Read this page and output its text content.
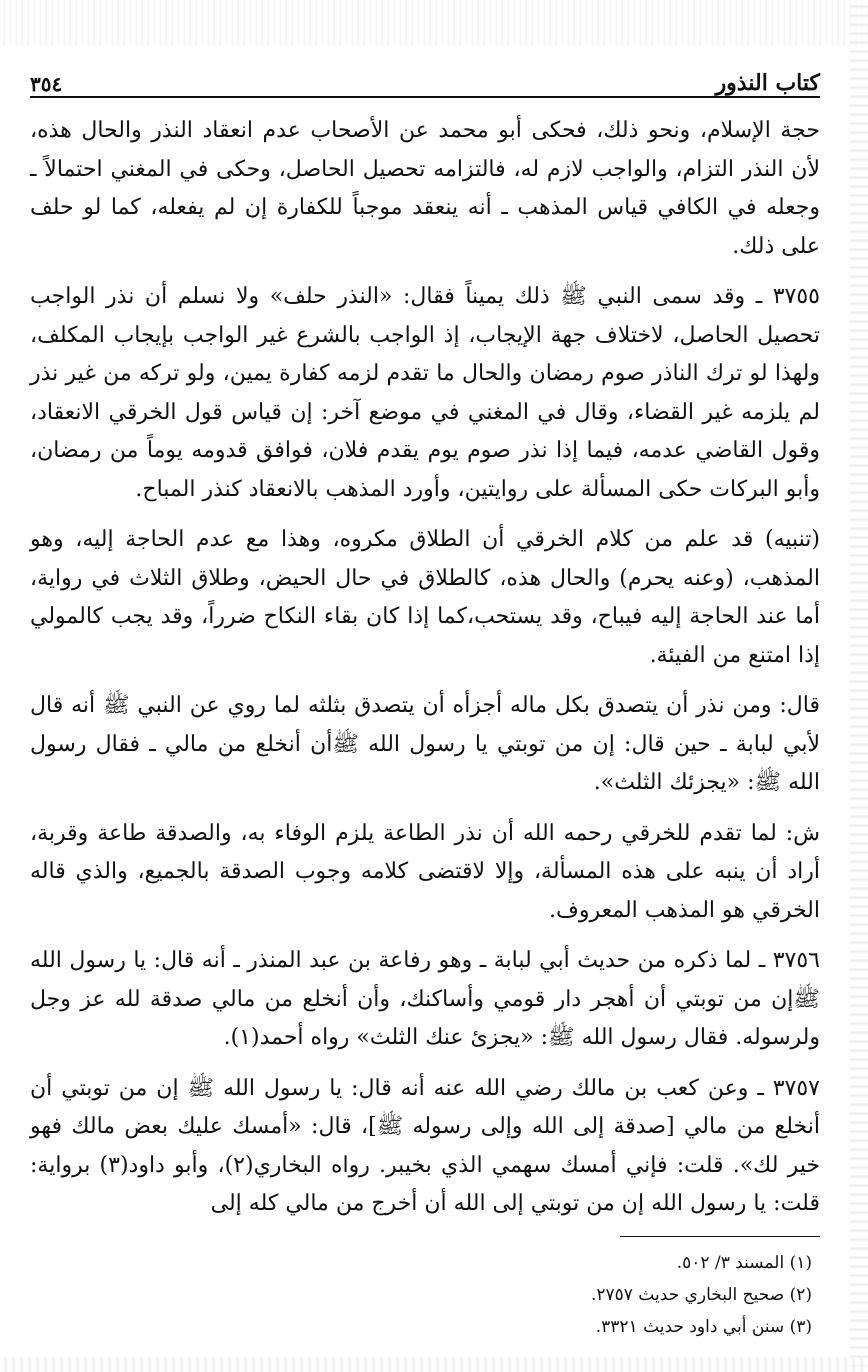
كتاب النذور
٣٥٤

حجة الإسلام، ونحو ذلك، فحكى أبو محمد عن الأصحاب عدم انعقاد النذر والحال هذه، لأن النذر التزام، والواجب لازم له، فالتزامه تحصيل الحاصل، وحكى في المغني احتمالاً ـ وجعله في الكافي قياس المذهب ـ أنه ينعقد موجباً للكفارة إن لم يفعله، كما لو حلف على ذلك.

٣٧٥٥ ـ وقد سمى النبي ﷺ ذلك يميناً فقال: «النذر حلف» ولا نسلم أن نذر الواجب تحصيل الحاصل، لاختلاف جهة الإيجاب، إذ الواجب بالشرع غير الواجب بإيجاب المكلف، ولهذا لو ترك الناذر صوم رمضان والحال ما تقدم لزمه كفارة يمين، ولو تركه من غير نذر لم يلزمه غير القضاء، وقال في المغني في موضع آخر: إن قياس قول الخرقي الانعقاد، وقول القاضي عدمه، فيما إذا نذر صوم يوم يقدم فلان، فوافق قدومه يوماً من رمضان، وأبو البركات حكى المسألة على روايتين، وأورد المذهب بالانعقاد كنذر المباح.

(تنبيه) قد علم من كلام الخرقي أن الطلاق مكروه، وهذا مع عدم الحاجة إليه، وهو المذهب، (وعنه يحرم) والحال هذه، كالطلاق في حال الحيض، وطلاق الثلاث في رواية، أما عند الحاجة إليه فيباح، وقد يستحب،كما إذا كان بقاء النكاح ضرراً، وقد يجب كالمولي إذا امتنع من الفيئة.

قال: ومن نذر أن يتصدق بكل ماله أجزأه أن يتصدق بثلثه لما روي عن النبي ﷺ أنه قال لأبي لبابة ـ حين قال: إن من توبتي يا رسول الله ﷺأن أنخلع من مالي ـ فقال رسول الله ﷺ: «يجزئك الثلث».

ش: لما تقدم للخرقي رحمه الله أن نذر الطاعة يلزم الوفاء به، والصدقة طاعة وقربة، أراد أن ينبه على هذه المسألة، وإلا لاقتضى كلامه وجوب الصدقة بالجميع، والذي قاله الخرقي هو المذهب المعروف.

٣٧٥٦ ـ لما ذكره من حديث أبي لبابة ـ وهو رفاعة بن عبد المنذر ـ أنه قال: يا رسول الله ﷺإن من توبتي أن أهجر دار قومي وأساكنك، وأن أنخلع من مالي صدقة لله عز وجل ولرسوله. فقال رسول الله ﷺ: «يجزئ عنك الثلث» رواه أحمد(١).

٣٧٥٧ ـ وعن كعب بن مالك رضي الله عنه أنه قال: يا رسول الله ﷺ إن من توبتي أن أنخلع من مالي [صدقة إلى الله وإلى رسوله ﷺ]، قال: «أمسك عليك بعض مالك فهو خير لك». قلت: فإني أمسك سهمي الذي بخيبر. رواه البخاري(٢)، وأبو داود(٣) برواية: قلت: يا رسول الله إن من توبتي إلى الله أن أخرج من مالي كله إلى

(١) المسند ٣/ ٥٠٢.
(٢) صحيح البخاري حديث ٢٧٥٧.
(٣) سنن أبي داود حديث ٣٣٢١.
